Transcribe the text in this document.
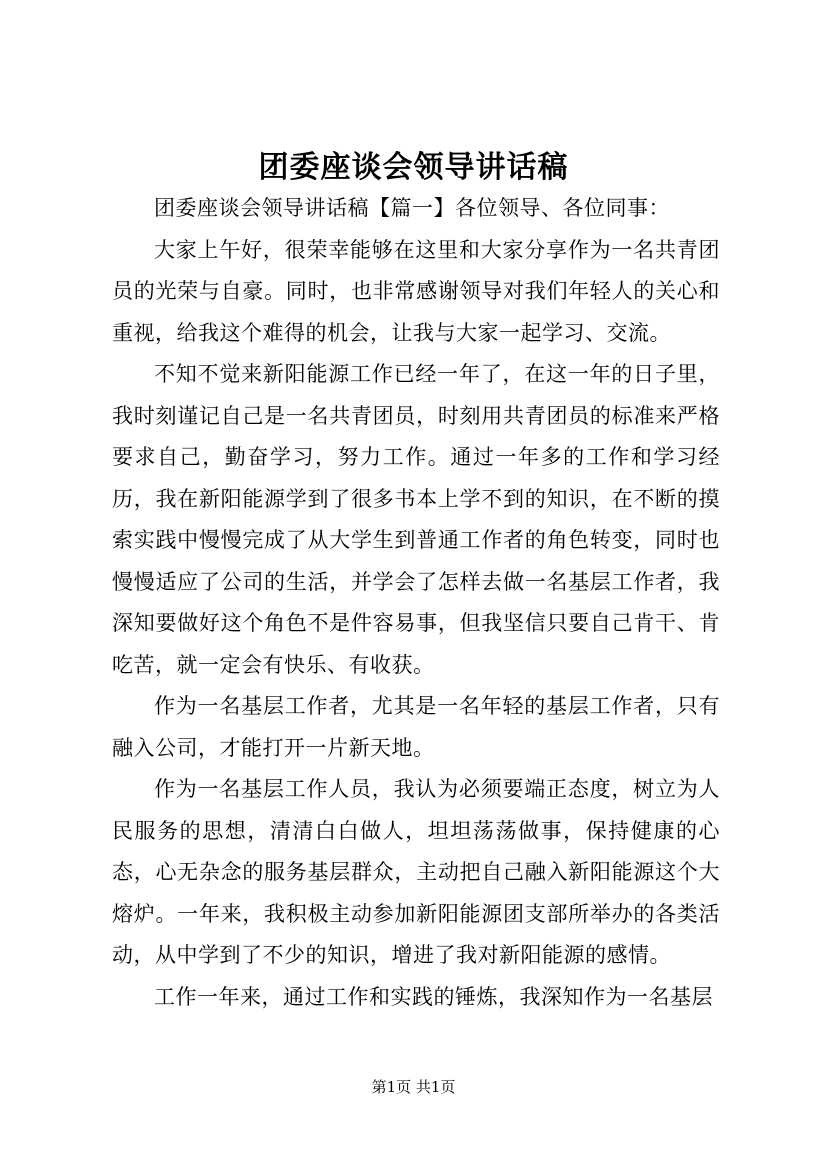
团委座谈会领导讲话稿

团委座谈会领导讲话稿【篇一】各位领导、各位同事：

大家上午好，很荣幸能够在这里和大家分享作为一名共青团员的光荣与自豪。同时，也非常感谢领导对我们年轻人的关心和重视，给我这个难得的机会，让我与大家一起学习、交流。

不知不觉来新阳能源工作已经一年了，在这一年的日子里，我时刻谨记自己是一名共青团员，时刻用共青团员的标准来严格要求自己，勤奋学习，努力工作。通过一年多的工作和学习经历，我在新阳能源学到了很多书本上学不到的知识，在不断的摸索实践中慢慢完成了从大学生到普通工作者的角色转变，同时也慢慢适应了公司的生活，并学会了怎样去做一名基层工作者，我深知要做好这个角色不是件容易事，但我坚信只要自己肯干、肯吃苦，就一定会有快乐、有收获。

作为一名基层工作者，尤其是一名年轻的基层工作者，只有融入公司，才能打开一片新天地。

作为一名基层工作人员，我认为必须要端正态度，树立为人民服务的思想，清清白白做人，坦坦荡荡做事，保持健康的心态，心无杂念的服务基层群众，主动把自己融入新阳能源这个大熔炉。一年来，我积极主动参加新阳能源团支部所举办的各类活动，从中学到了不少的知识，增进了我对新阳能源的感情。

工作一年来，通过工作和实践的锤炼，我深知作为一名基层

第1页 共1页
